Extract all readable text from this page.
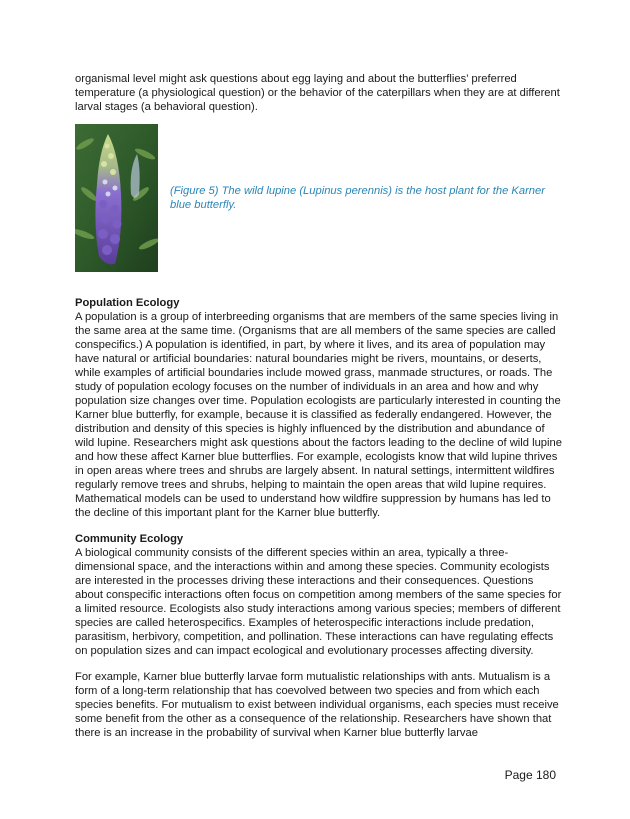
organismal level might ask questions about egg laying and about the butterflies’ preferred temperature (a physiological question) or the behavior of the caterpillars when they are at different larval stages (a behavioral question).

(Figure 5) The wild lupine (Lupinus perennis) is the host plant for the Karner blue butterfly.
Population Ecology

A population is a group of interbreeding organisms that are members of the same species living in the same area at the same time. (Organisms that are all members of the same species are called conspecifics.) A population is identified, in part, by where it lives, and its area of population may have natural or artificial boundaries: natural boundaries might be rivers, mountains, or deserts, while examples of artificial boundaries include mowed grass, manmade structures, or roads. The study of population ecology focuses on the number of individuals in an area and how and why population size changes over time. Population ecologists are particularly interested in counting the Karner blue butterfly, for example, because it is classified as federally endangered. However, the distribution and density of this species is highly influenced by the distribution and abundance of wild lupine. Researchers might ask questions about the factors leading to the decline of wild lupine and how these affect Karner blue butterflies. For example, ecologists know that wild lupine thrives in open areas where trees and shrubs are largely absent. In natural settings, intermittent wildfires regularly remove trees and shrubs, helping to maintain the open areas that wild lupine requires. Mathematical models can be used to understand how wildfire suppression by humans has led to the decline of this important plant for the Karner blue butterfly.

Community Ecology

A biological community consists of the different species within an area, typically a three-dimensional space, and the interactions within and among these species. Community ecologists are interested in the processes driving these interactions and their consequences. Questions about conspecific interactions often focus on competition among members of the same species for a limited resource. Ecologists also study interactions among various species; members of different species are called heterospecifics. Examples of heterospecific interactions include predation, parasitism, herbivory, competition, and pollination. These interactions can have regulating effects on population sizes and can impact ecological and evolutionary processes affecting diversity.

For example, Karner blue butterfly larvae form mutualistic relationships with ants. Mutualism is a form of a long-term relationship that has coevolved between two species and from which each species benefits. For mutualism to exist between individual organisms, each species must receive some benefit from the other as a consequence of the relationship. Researchers have shown that there is an increase in the probability of survival when Karner blue butterfly larvae

Page 180
